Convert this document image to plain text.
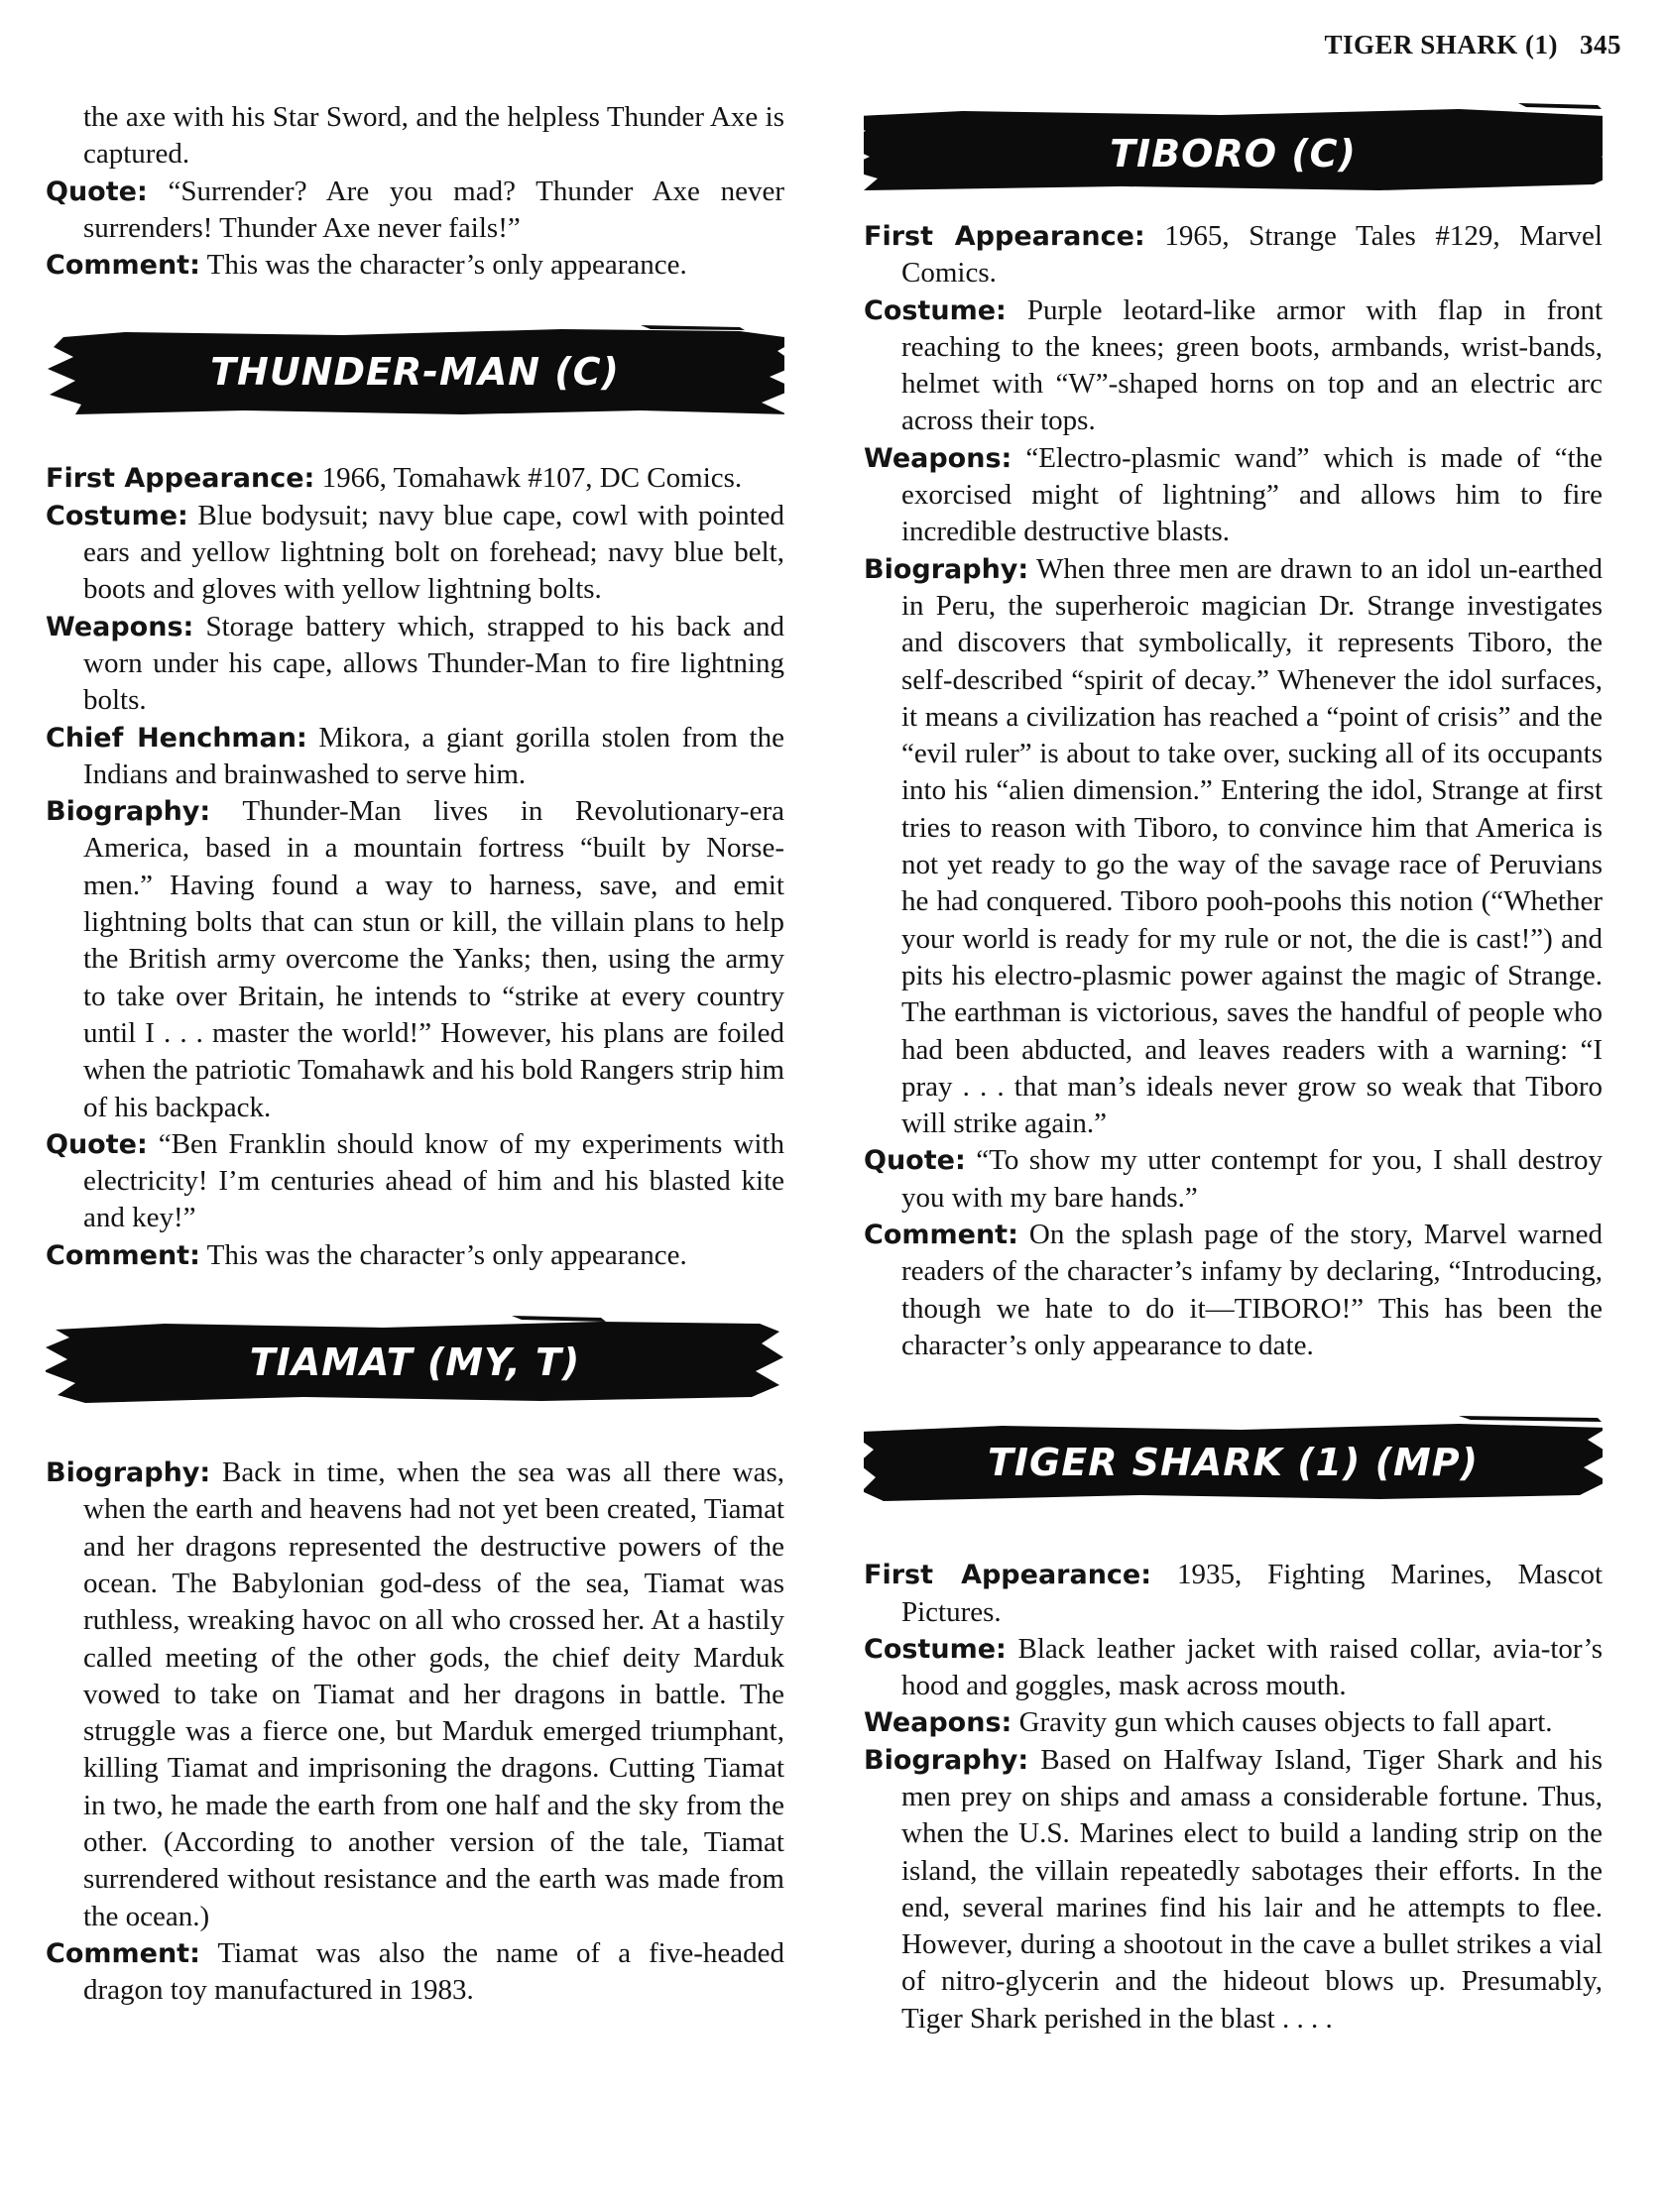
TIGER SHARK (1) 345

the axe with his Star Sword, and the helpless Thunder Axe is captured.

Quote: “Surrender? Are you mad? Thunder Axe never surrenders! Thunder Axe never fails!”

Comment: This was the character’s only appearance.

THUNDER-MAN (C)

First Appearance: 1966, Tomahawk #107, DC Comics.

Costume: Blue bodysuit; navy blue cape, cowl with pointed ears and yellow lightning bolt on forehead; navy blue belt, boots and gloves with yellow lightning bolts.

Weapons: Storage battery which, strapped to his back and worn under his cape, allows Thunder-Man to fire lightning bolts.

Chief Henchman: Mikora, a giant gorilla stolen from the Indians and brainwashed to serve him.

Biography: Thunder-Man lives in Revolutionary-era America, based in a mountain fortress “built by Norse-men.” Having found a way to harness, save, and emit lightning bolts that can stun or kill, the villain plans to help the British army overcome the Yanks; then, using the army to take over Britain, he intends to “strike at every country until I . . . master the world!” However, his plans are foiled when the patriotic Tomahawk and his bold Rangers strip him of his backpack.

Quote: “Ben Franklin should know of my experiments with electricity! I’m centuries ahead of him and his blasted kite and key!”

Comment: This was the character’s only appearance.

TIAMAT (MY, T)

Biography: Back in time, when the sea was all there was, when the earth and heavens had not yet been created, Tiamat and her dragons represented the destructive powers of the ocean. The Babylonian god-dess of the sea, Tiamat was ruthless, wreaking havoc on all who crossed her. At a hastily called meeting of the other gods, the chief deity Marduk vowed to take on Tiamat and her dragons in battle. The struggle was a fierce one, but Marduk emerged triumphant, killing Tiamat and imprisoning the dragons. Cutting Tiamat in two, he made the earth from one half and the sky from the other. (According to another version of the tale, Tiamat surrendered without resistance and the earth was made from the ocean.)

Comment: Tiamat was also the name of a five-headed dragon toy manufactured in 1983.

TIBORO (C)

First Appearance: 1965, Strange Tales #129, Marvel Comics.

Costume: Purple leotard-like armor with flap in front reaching to the knees; green boots, armbands, wrist-bands, helmet with “W”-shaped horns on top and an electric arc across their tops.

Weapons: “Electro-plasmic wand” which is made of “the exorcised might of lightning” and allows him to fire incredible destructive blasts.

Biography: When three men are drawn to an idol un-earthed in Peru, the superheroic magician Dr. Strange investigates and discovers that symbolically, it represents Tiboro, the self-described “spirit of decay.” Whenever the idol surfaces, it means a civilization has reached a “point of crisis” and the “evil ruler” is about to take over, sucking all of its occupants into his “alien dimension.” Entering the idol, Strange at first tries to reason with Tiboro, to convince him that America is not yet ready to go the way of the savage race of Peruvians he had conquered. Tiboro pooh-poohs this notion (“Whether your world is ready for my rule or not, the die is cast!”) and pits his electro-plasmic power against the magic of Strange. The earthman is victorious, saves the handful of people who had been abducted, and leaves readers with a warning: “I pray . . . that man’s ideals never grow so weak that Tiboro will strike again.”

Quote: “To show my utter contempt for you, I shall destroy you with my bare hands.”

Comment: On the splash page of the story, Marvel warned readers of the character’s infamy by declaring, “Introducing, though we hate to do it—TIBORO!” This has been the character’s only appearance to date.

TIGER SHARK (1) (MP)

First Appearance: 1935, Fighting Marines, Mascot Pictures.

Costume: Black leather jacket with raised collar, avia-tor’s hood and goggles, mask across mouth.

Weapons: Gravity gun which causes objects to fall apart.

Biography: Based on Halfway Island, Tiger Shark and his men prey on ships and amass a considerable fortune. Thus, when the U.S. Marines elect to build a landing strip on the island, the villain repeatedly sabotages their efforts. In the end, several marines find his lair and he attempts to flee. However, during a shootout in the cave a bullet strikes a vial of nitro-glycerin and the hideout blows up. Presumably, Tiger Shark perished in the blast . . . .
